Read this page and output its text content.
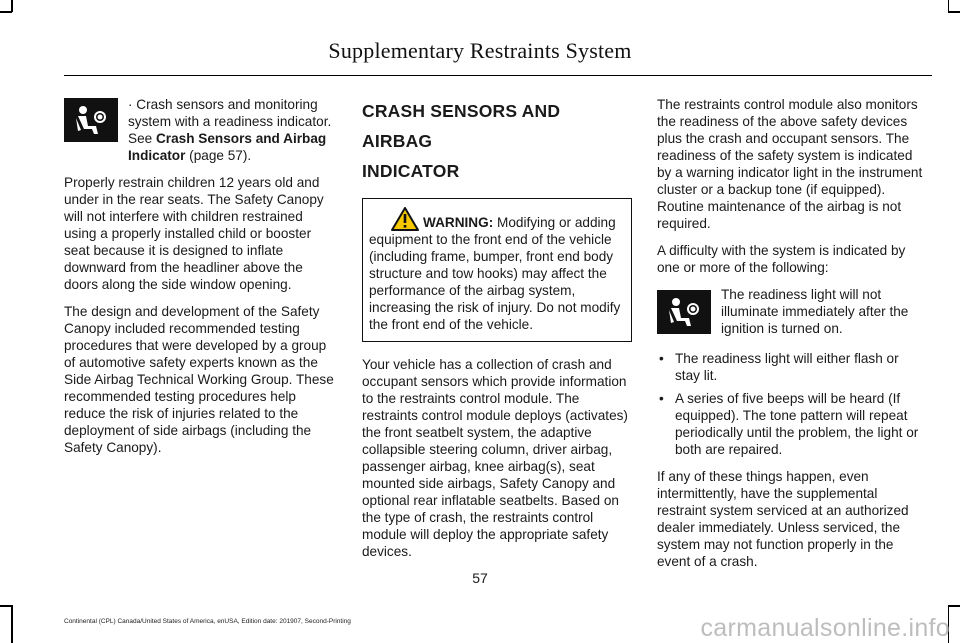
Supplementary Restraints System

· Crash sensors and monitoring system with a readiness indicator. See Crash Sensors and Airbag Indicator (page 57).

Properly restrain children 12 years old and under in the rear seats. The Safety Canopy will not interfere with children restrained using a properly installed child or booster seat because it is designed to inflate downward from the headliner above the doors along the side window opening.

The design and development of the Safety Canopy included recommended testing procedures that were developed by a group of automotive safety experts known as the Side Airbag Technical Working Group. These recommended testing procedures help reduce the risk of injuries related to the deployment of side airbags (including the Safety Canopy).

CRASH SENSORS AND AIRBAG
INDICATOR
WARNING: Modifying or adding equipment to the front end of the vehicle (including frame, bumper, front end body structure and tow hooks) may affect the performance of the airbag system, increasing the risk of injury. Do not modify the front end of the vehicle.

Your vehicle has a collection of crash and occupant sensors which provide information to the restraints control module. The restraints control module deploys (activates) the front seatbelt system, the adaptive collapsible steering column, driver airbag, passenger airbag, knee airbag(s), seat mounted side airbags, Safety Canopy and optional rear inflatable seatbelts. Based on the type of crash, the restraints control module will deploy the appropriate safety devices.

The restraints control module also monitors the readiness of the above safety devices plus the crash and occupant sensors. The readiness of the safety system is indicated by a warning indicator light in the instrument cluster or a backup tone (if equipped). Routine maintenance of the airbag is not required.

A difficulty with the system is indicated by one or more of the following:

The readiness light will not illuminate immediately after the ignition is turned on.

• The readiness light will either flash or stay lit.
• A series of five beeps will be heard (If equipped). The tone pattern will repeat periodically until the problem, the light or both are repaired.

If any of these things happen, even intermittently, have the supplemental restraint system serviced at an authorized dealer immediately. Unless serviced, the system may not function properly in the event of a crash.

57
Continental (CPL) Canada/United States of America, enUSA, Edition date: 201907, Second-Printing	carmanualsonline.info
